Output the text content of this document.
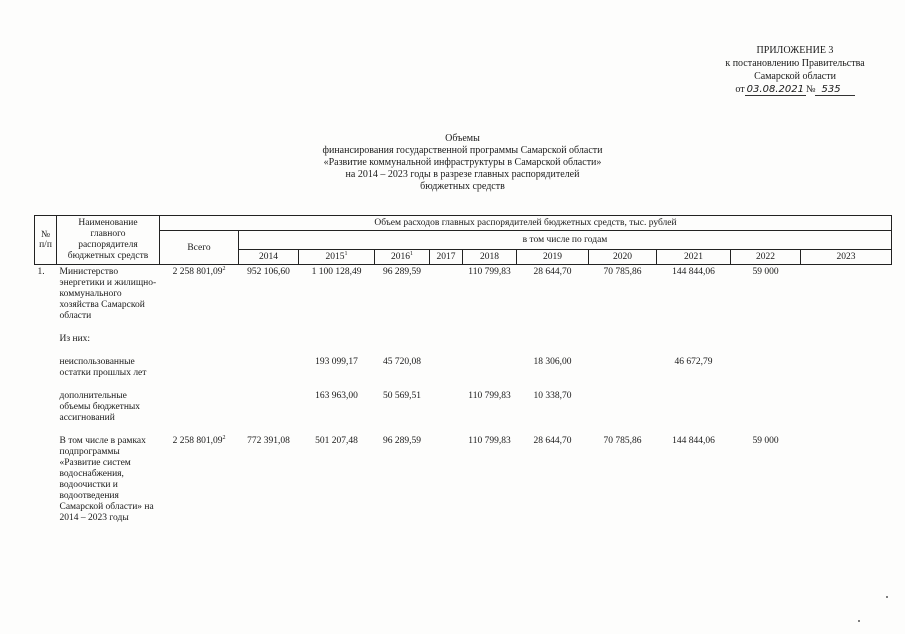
ПРИЛОЖЕНИЕ 3
к постановлению Правительства
Самарской области
от 03.08.2021 № 535
Объемы
финансирования государственной программы Самарской области
«Развитие коммунальной инфраструктуры в Самарской области»
на 2014 – 2023 годы в разрезе главных распорядителей
бюджетных средств
№ п/п	Наименование главного распорядителя бюджетных средств	Объем расходов главных распорядителей бюджетных средств, тыс. рублей										
		Всего	в том числе по годам									
			2014	2015$^1$	2016$^1$	2017	2018	2019	2020	2021	2022	2023
1.	Министерство энергетики и жилищно-коммунального хозяйства Самарской области	2 258 801,09$^2$	952 106,60	1 100 128,49	96 289,59		110 799,83	28 644,70	70 785,86	144 844,06	59 000	

	Из них:											

	неиспользованные остатки прошлых лет			193 099,17	45 720,08			18 306,00		46 672,79		

	дополнительные объемы бюджетных ассигнований			163 963,00	50 569,51		110 799,83	10 338,70				

	В том числе в рамках подпрограммы «Развитие систем водоснабжения, водоочистки и водоотведения Самарской области» на 2014 – 2023 годы	2 258 801,09$^2$	772 391,08	501 207,48	96 289,59		110 799,83	28 644,70	70 785,86	144 844,06	59 000	
